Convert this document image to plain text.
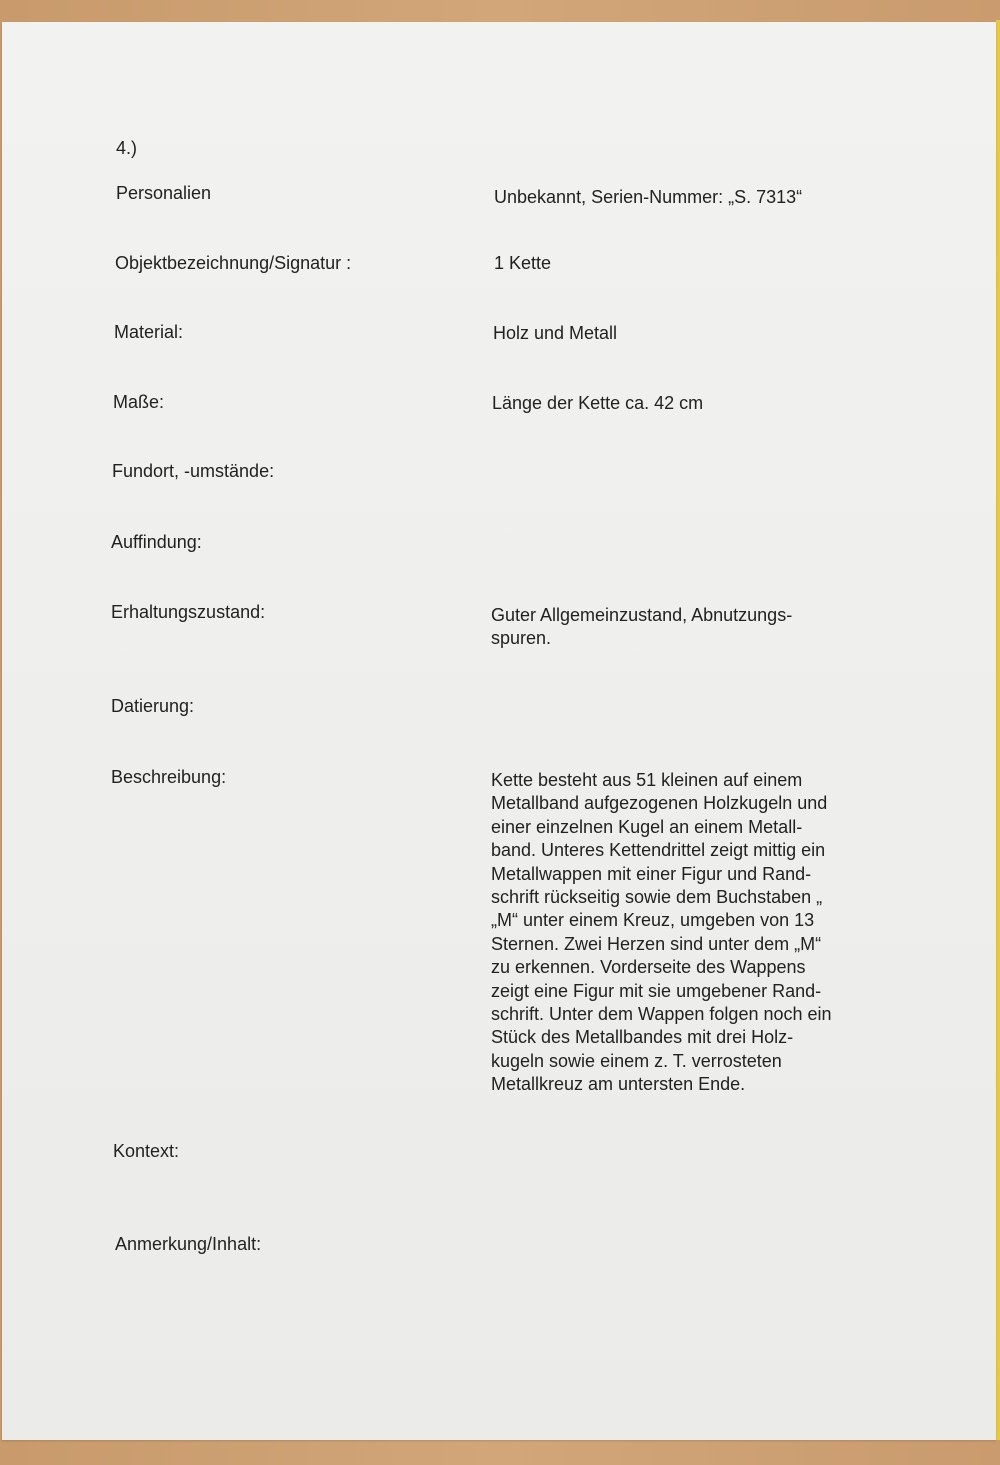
4.)

Personalien	Unbekannt, Serien-Nummer: „S. 7313“

Objektbezeichnung/Signatur :	1 Kette

Material:	Holz und Metall

Maße:	Länge der Kette ca. 42 cm

Fundort, -umstände:

Auffindung:

Erhaltungszustand:	Guter Allgemeinzustand, Abnutzungs-
spuren.

Datierung:

Beschreibung:	Kette besteht aus 51 kleinen auf einem
Metallband aufgezogenen Holzkugeln und
einer einzelnen Kugel an einem Metall-
band. Unteres Kettendrittel zeigt mittig ein
Metallwappen mit einer Figur und Rand-
schrift rückseitig sowie dem Buchstaben „
„M“ unter einem Kreuz, umgeben von 13
Sternen. Zwei Herzen sind unter dem „M“
zu erkennen. Vorderseite des Wappens
zeigt eine Figur mit sie umgebener Rand-
schrift. Unter dem Wappen folgen noch ein
Stück des Metallbandes mit drei Holz-
kugeln sowie einem z. T. verrosteten
Metallkreuz am untersten Ende.

Kontext:

Anmerkung/Inhalt:
